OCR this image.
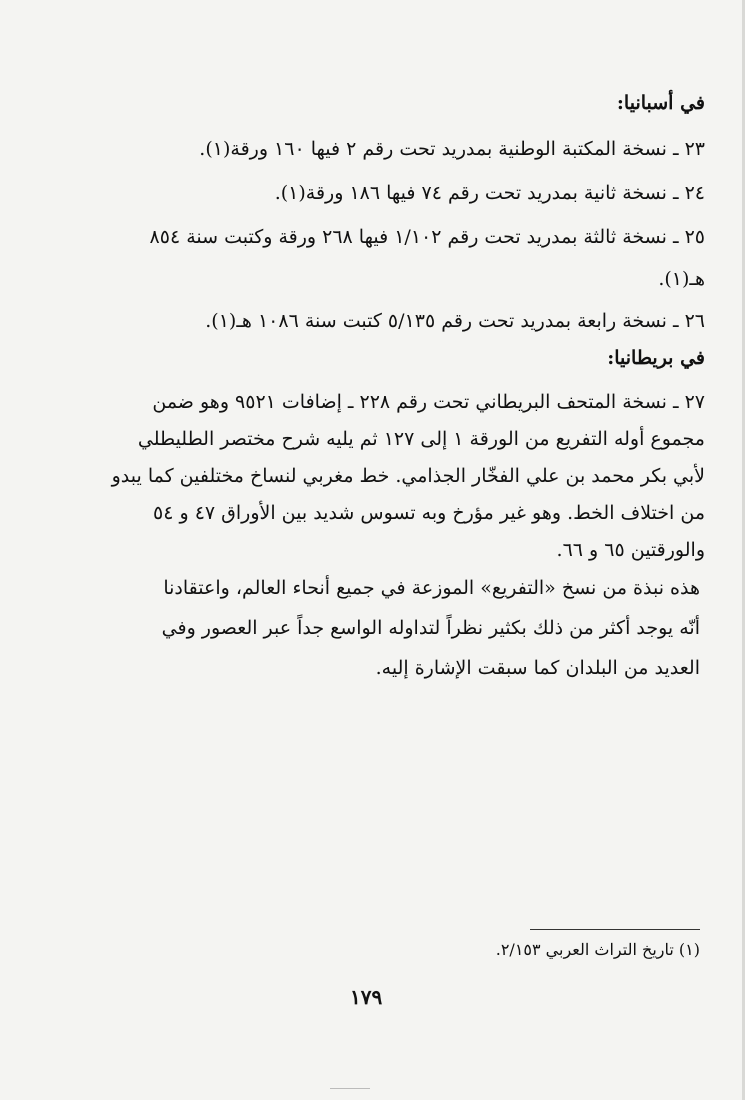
في أسبانيا:
٢٣ ـ نسخة المكتبة الوطنية بمدريد تحت رقم ٢ فيها ١٦٠ ورقة(١).
٢٤ ـ نسخة ثانية بمدريد تحت رقم ٧٤ فيها ١٨٦ ورقة(١).
٢٥ ـ نسخة ثالثة بمدريد تحت رقم ١/١٠٢ فيها ٢٦٨ ورقة وكتبت سنة ٨٥٤ هـ(١).
٢٦ ـ نسخة رابعة بمدريد تحت رقم ٥/١٣٥ كتبت سنة ١٠٨٦ هـ(١).
في بريطانيا:
٢٧ ـ نسخة المتحف البريطاني تحت رقم ٢٢٨ ـ إضافات ٩٥٢١ وهو ضمن مجموع أوله التفريع من الورقة ١ إلى ١٢٧ ثم يليه شرح مختصر الطليطلي لأبي بكر محمد بن علي الفخّار الجذامي. خط مغربي لنساخ مختلفين كما يبدو من اختلاف الخط. وهو غير مؤرخ وبه تسوس شديد بين الأوراق ٤٧ و ٥٤ والورقتين ٦٥ و ٦٦.
هذه نبذة من نسخ «التفريع» الموزعة في جميع أنحاء العالم، واعتقادنا أنّه يوجد أكثر من ذلك بكثير نظراً لتداوله الواسع جداً عبر العصور وفي العديد من البلدان كما سبقت الإشارة إليه.
(١) تاريخ التراث العربي ٢/١٥٣.
١٧٩
